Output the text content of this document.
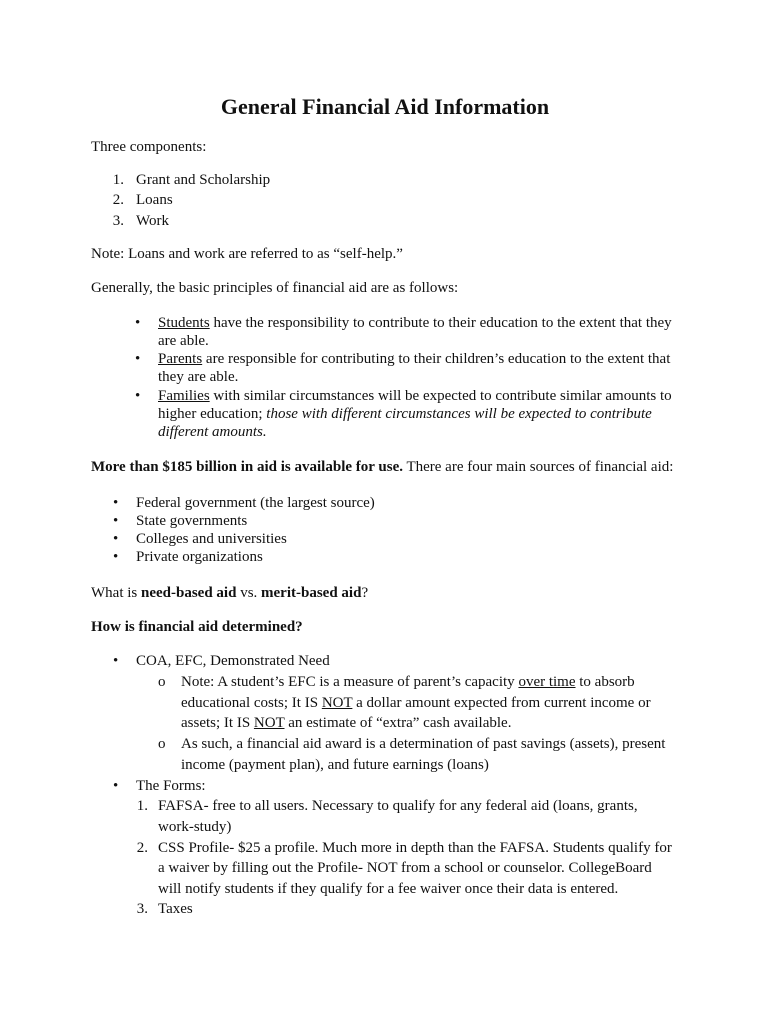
General Financial Aid Information
Three components:
1. Grant and Scholarship
2. Loans
3. Work
Note: Loans and work are referred to as “self-help.”
Generally, the basic principles of financial aid are as follows:
• Students have the responsibility to contribute to their education to the extent that they
are able.
• Parents are responsible for contributing to their children’s education to the extent that
they are able.
• Families with similar circumstances will be expected to contribute similar amounts to
higher education; those with different circumstances will be expected to contribute
different amounts.
More than $185 billion in aid is available for use. There are four main sources of financial aid:
• Federal government (the largest source)
• State governments
• Colleges and universities
• Private organizations
What is need-based aid vs. merit-based aid?
How is financial aid determined?
• COA, EFC, Demonstrated Need
o Note: A student’s EFC is a measure of parent’s capacity over time to absorb
educational costs; It IS NOT a dollar amount expected from current income or
assets; It IS NOT an estimate of “extra” cash available.
o As such, a financial aid award is a determination of past savings (assets), present
income (payment plan), and future earnings (loans)
• The Forms:
1. FAFSA- free to all users. Necessary to qualify for any federal aid (loans, grants,
work-study)
2. CSS Profile- $25 a profile. Much more in depth than the FAFSA. Students qualify for
a waiver by filling out the Profile- NOT from a school or counselor. CollegeBoard
will notify students if they qualify for a fee waiver once their data is entered.
3. Taxes
